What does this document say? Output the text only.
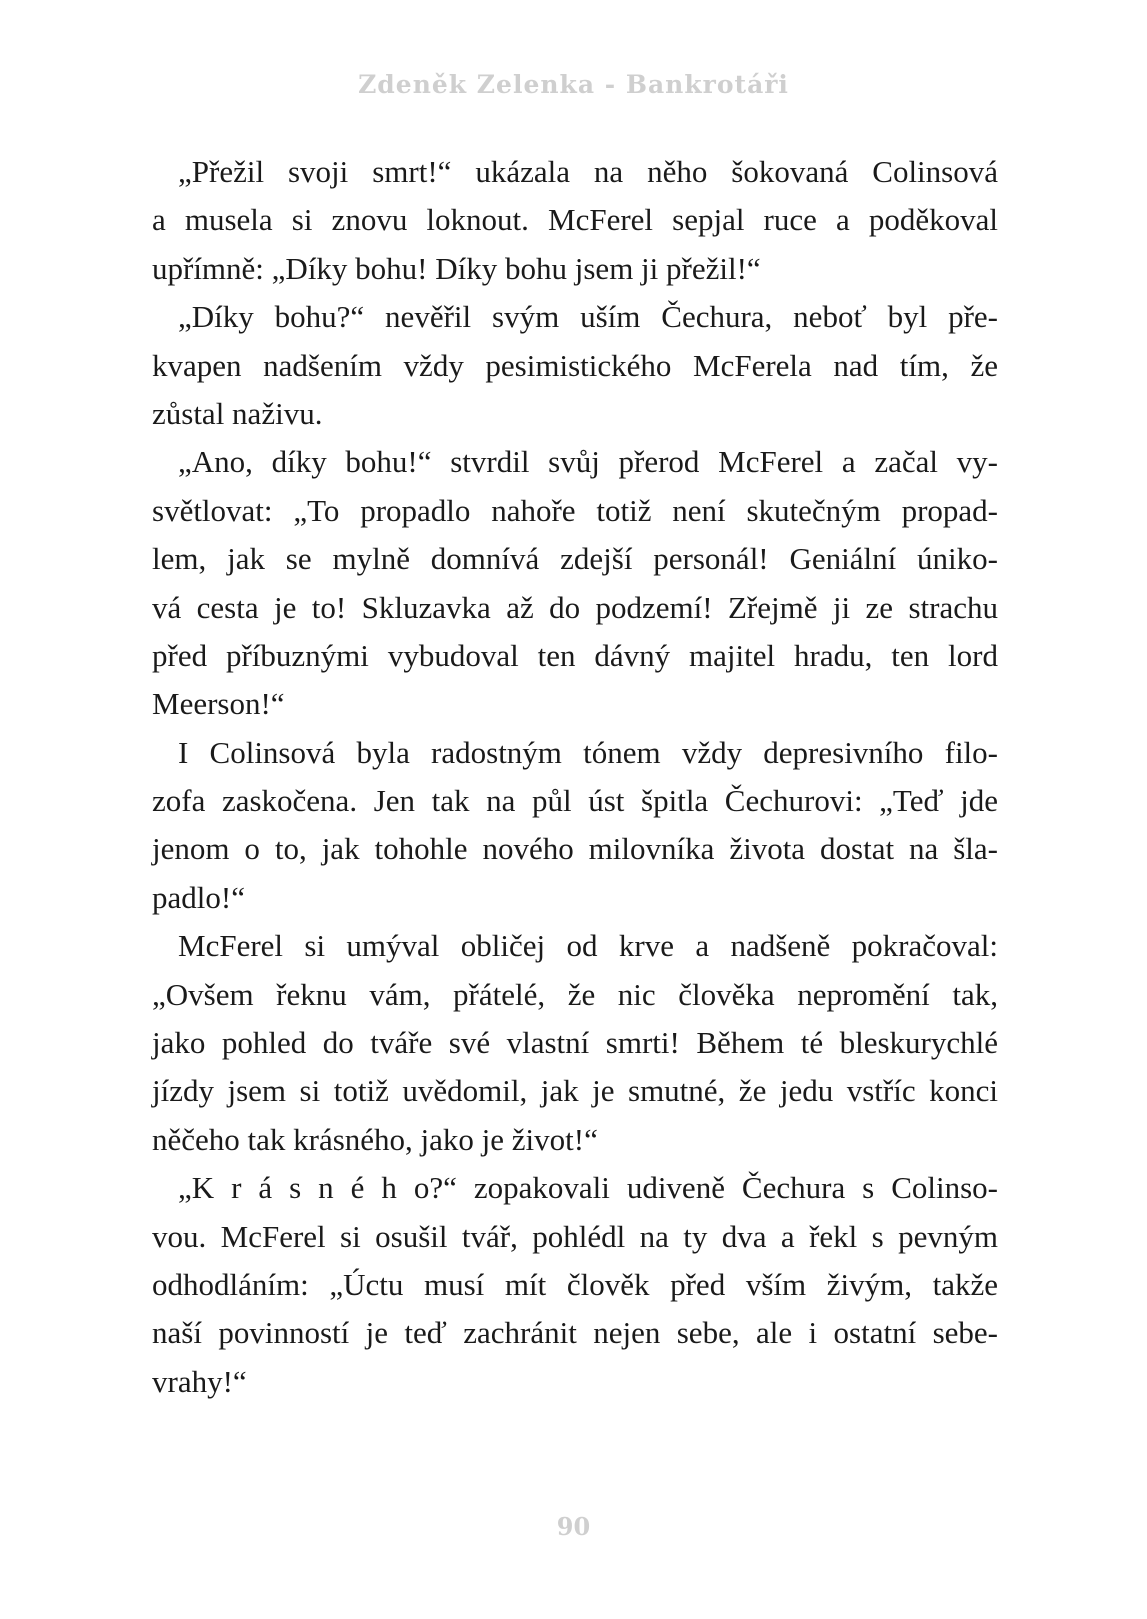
Zdeněk Zelenka - Bankrotáři
„Přežil svoji smrt!“ ukázala na něho šokovaná Colinsová
a musela si znovu loknout. McFerel sepjal ruce a poděkoval
upřímně: „Díky bohu! Díky bohu jsem ji přežil!“
„Díky bohu?“ nevěřil svým uším Čechura, neboť byl pře-
kvapen nadšením vždy pesimistického McFerela nad tím, že
zůstal naživu.
„Ano, díky bohu!“ stvrdil svůj přerod McFerel a začal vy-
světlovat: „To propadlo nahoře totiž není skutečným propad-
lem, jak se mylně domnívá zdejší personál! Geniální úniko-
vá cesta je to! Skluzavka až do podzemí! Zřejmě ji ze strachu
před příbuznými vybudoval ten dávný majitel hradu, ten lord
Meerson!“
I Colinsová byla radostným tónem vždy depresivního filo-
zofa zaskočena. Jen tak na půl úst špitla Čechurovi: „Teď jde
jenom o to, jak tohohle nového milovníka života dostat na šla-
padlo!“
McFerel si umýval obličej od krve a nadšeně pokračoval:
„Ovšem řeknu vám, přátelé, že nic člověka nepromění tak,
jako pohled do tváře své vlastní smrti! Během té bleskurychlé
jízdy jsem si totiž uvědomil, jak je smutné, že jedu vstříc konci
něčeho tak krásného, jako je život!“
„K r á s n é h o?“ zopakovali udiveně Čechura s Colinso-
vou. McFerel si osušil tvář, pohlédl na ty dva a řekl s pevným
odhodláním: „Úctu musí mít člověk před vším živým, takže
naší povinností je teď zachránit nejen sebe, ale i ostatní sebe-
vrahy!“
90
